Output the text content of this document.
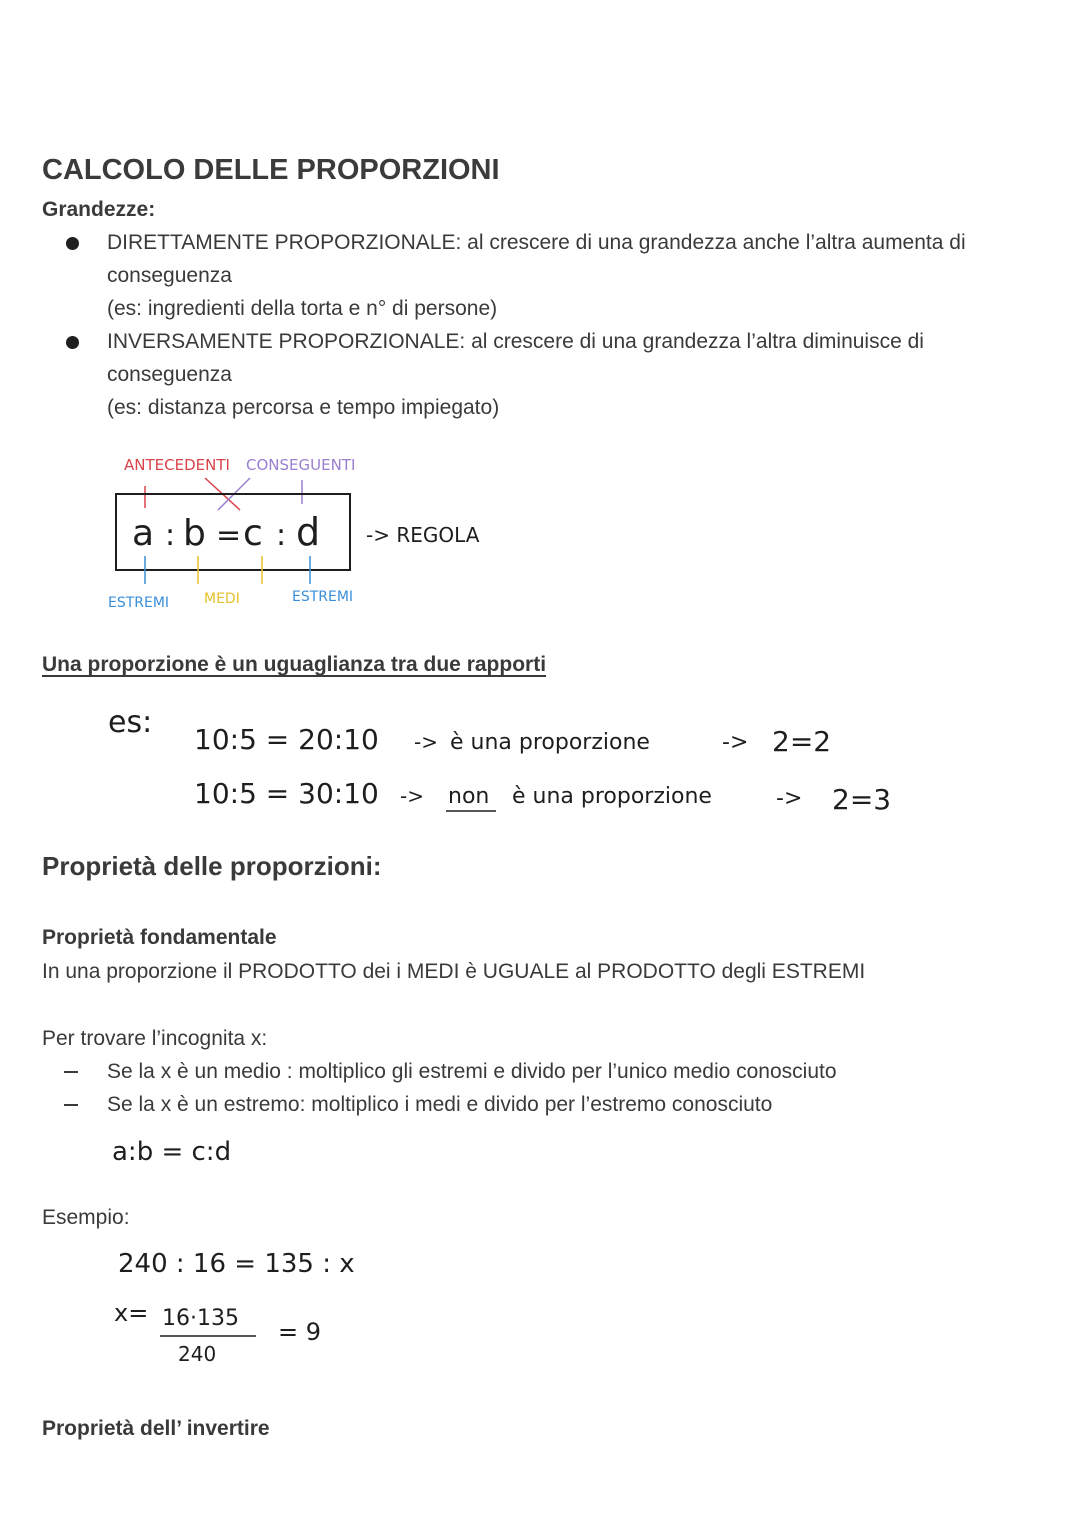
CALCOLO DELLE PROPORZIONI
Grandezze:
DIRETTAMENTE PROPORZIONALE: al crescere di una grandezza anche l’altra aumenta di
conseguenza
(es: ingredienti della torta e n° di persone)
INVERSAMENTE PROPORZIONALE: al crescere di una grandezza l’altra diminuisce di
conseguenza
(es: distanza percorsa e tempo impiegato)
ANTECEDENTI CONSEGUENTI
a : b = c : d -> REGOLA
ESTREMI MEDI	ESTREMI
es: 10:5 = 20:10 -> è una proporzione	-> 2=2
10:5 = 30:10 -> non è una proporzione	-> 2=3
a:b = c:d
240 : 16 = 135 : x
x= 16·135
240
= 9
Una proporzione è un uguaglianza tra due rapporti
Proprietà delle proporzioni:
Proprietà fondamentale
In una proporzione il PRODOTTO dei i MEDI è UGUALE al PRODOTTO degli ESTREMI
Per trovare l’incognita x:
Se la x è un medio : moltiplico gli estremi e divido per l’unico medio conosciuto
Se la x è un estremo: moltiplico i medi e divido per l’estremo conosciuto
Esempio:
Proprietà dell’ invertire
